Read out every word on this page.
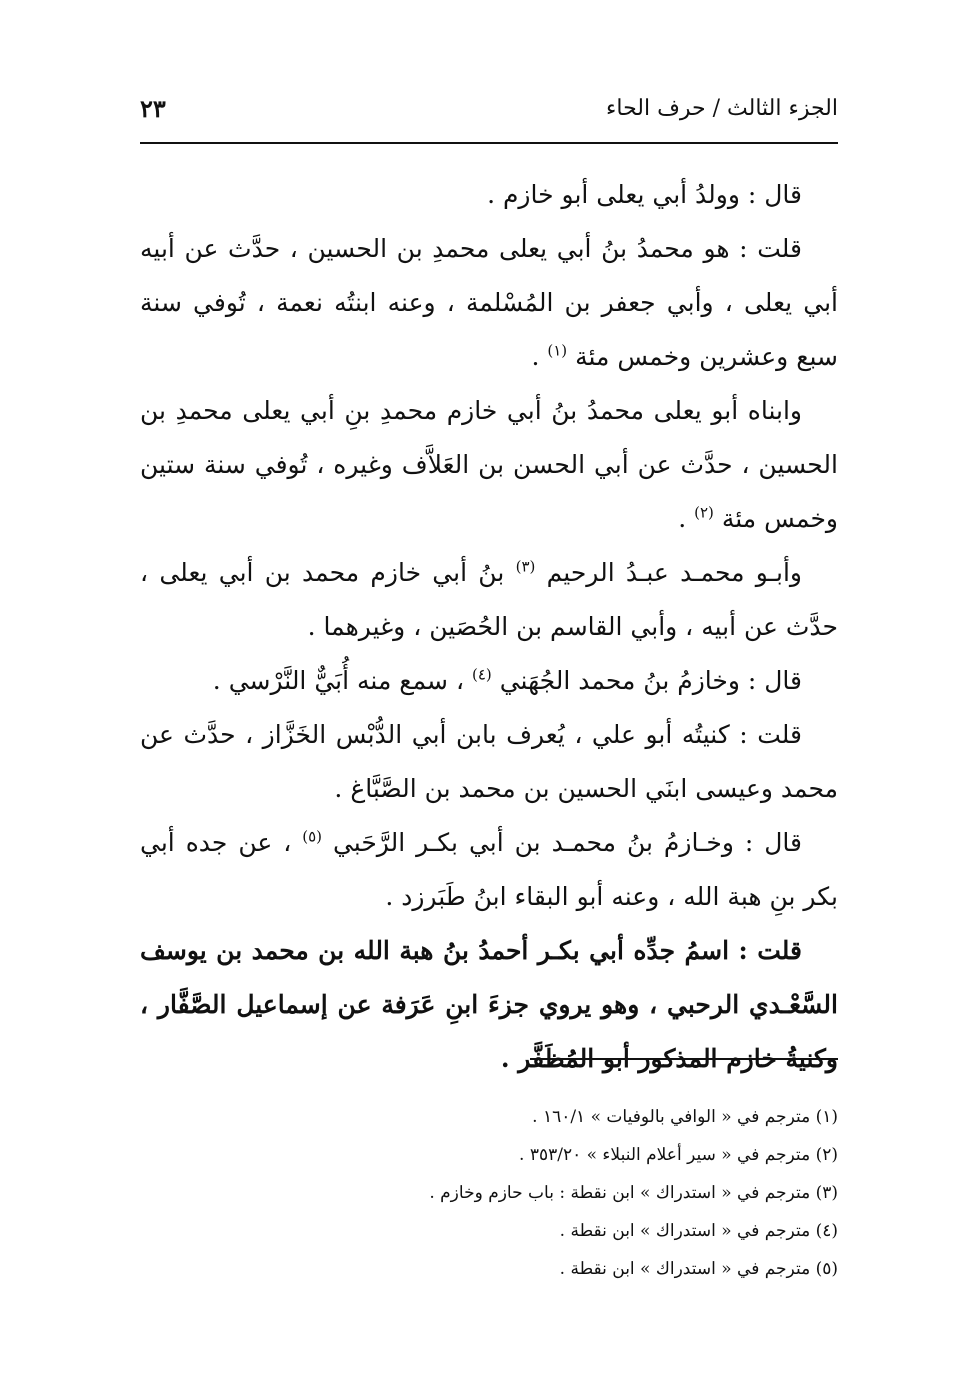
٢٣	الجزء الثالث / حرف الحاء

قال : وولدُ أبي يعلى أبو خازم .

قلت : هو محمدُ بنُ أبي يعلى محمدِ بن الحسين ، حدَّث عن أبيه أبي يعلى ، وأبي جعفر بن المُسْلمة ، وعنه ابنتُه نعمة ، تُوفي سنة سبع وعشرين وخمس مئة $^{(١)}$ .

وابناه أبو يعلى محمدُ بنُ أبي خازم محمدِ بنِ أبي يعلى محمدِ بن الحسين ، حدَّث عن أبي الحسن بن العَلاَّف وغيره ، تُوفي سنة ستين وخمس مئة $^{(٢)}$ .

وأبـو محمـد عبـدُ الرحيم $^{(٣)}$ بنُ أبي خازم محمد بن أبي يعلى ، حدَّث عن أبيه ، وأبي القاسم بن الحُصَين ، وغيرهما .

قال : وخازمُ بنُ محمد الجُهَني $^{(٤)}$ ، سمع منه أُبَيٌّ النَّرْسي .

قلت : كنيتُه أبو علي ، يُعرف بابن أبي الدُّبْس الخَزَّاز ، حدَّث عن محمد وعيسى ابنَي الحسين بن محمد بن الصَّبَّاغ .

قال : وخـازمُ بنُ محمـد بن أبي بكـر الرَّحَبي $^{(٥)}$ ، عن جده أبي بكر بنِ هبة الله ، وعنه أبو البقاء ابنُ طَبَرزد .

قلت : اسمُ جدِّه أبي بكـر أحمدُ بنُ هبة الله بن محمد بن يوسف السَّعْـدي الرحبي ، وهو يروي جزءَ ابنِ عَرَفة عن إسماعيل الصَّفَّار ، وكنيةُ خازم المذكور أبو المُظَفَّر .

(١) مترجم في « الوافي بالوفيات » ١٦٠/١ .

(٢) مترجم في « سير أعلام النبلاء » ٣٥٣/٢٠ .

(٣) مترجم في « استدراك » ابن نقطة : باب حازم وخازم .

(٤) مترجم في « استدراك » ابن نقطة .

(٥) مترجم في « استدراك » ابن نقطة .
